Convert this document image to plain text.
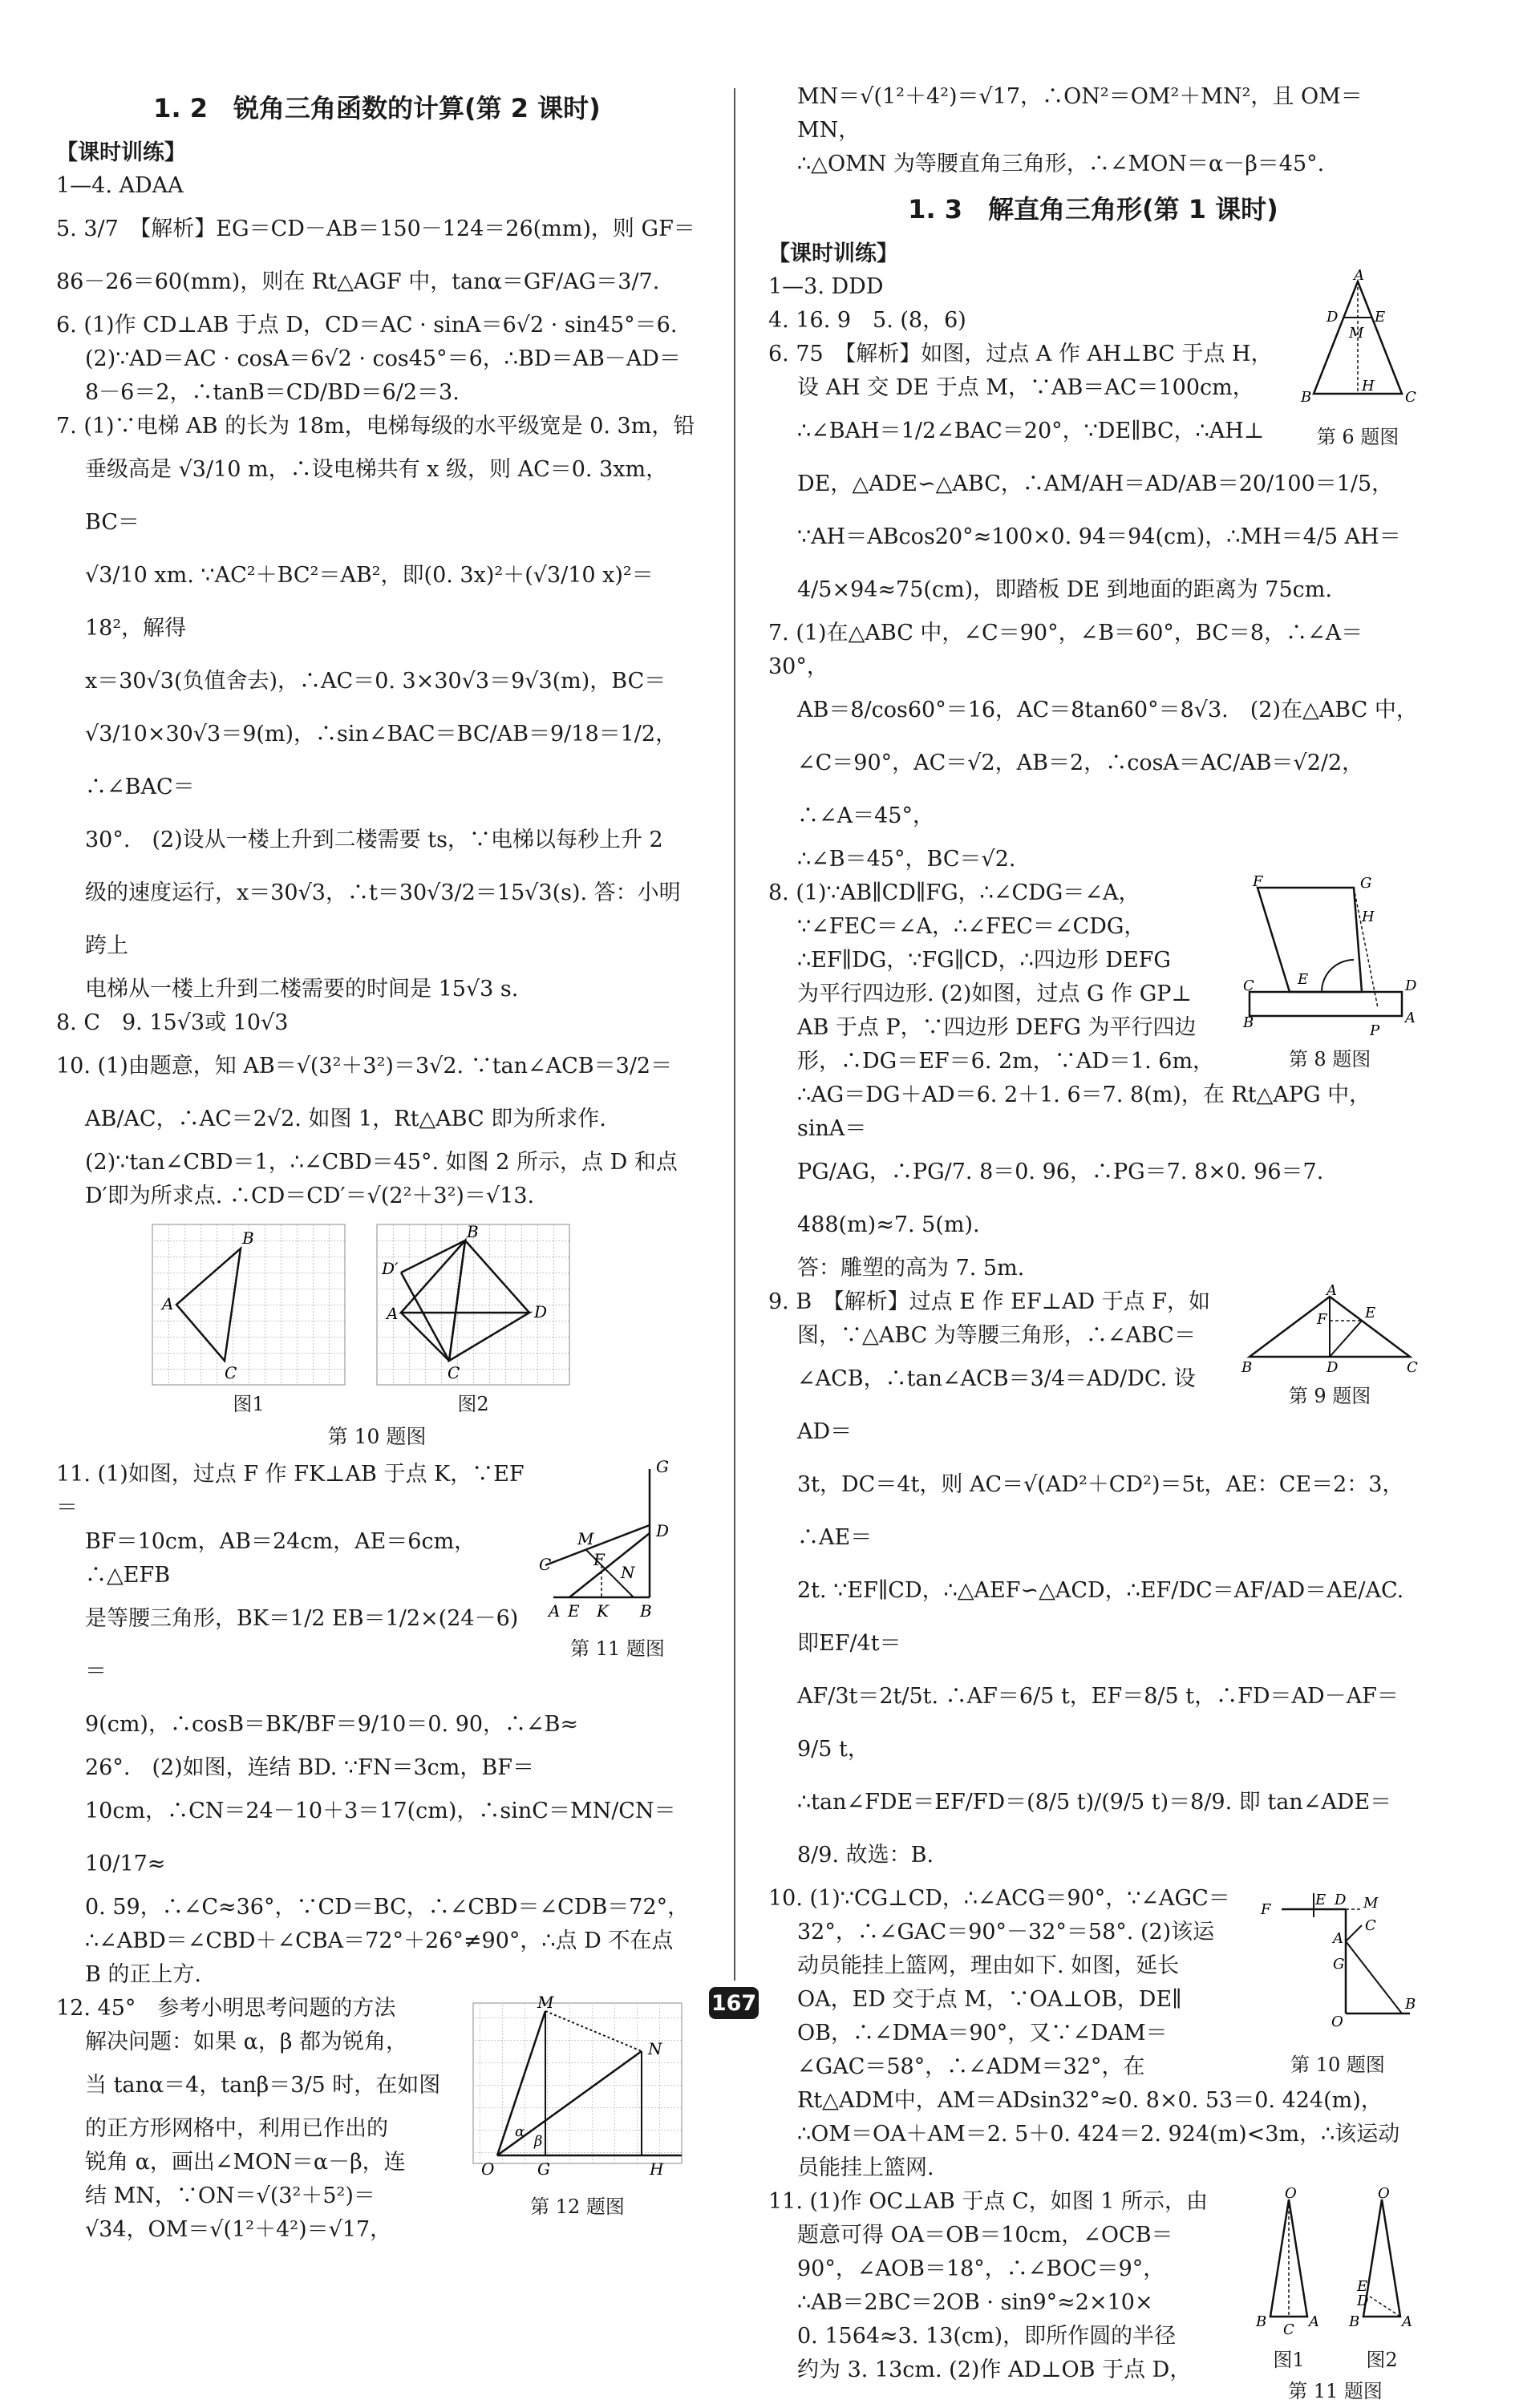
1. 2　锐角三角函数的计算(第 2 课时)
【课时训练】
1—4. ADAA
5. 3/7　【解析】EG＝CD－AB＝150－124＝26(mm)，则 GF＝
86－26＝60(mm)，则在 Rt△AGF 中，tanα＝GF/AG＝3/7.
6. (1)作 CD⊥AB 于点 D，CD＝AC · sinA＝6√2 · sin45°＝6.
(2)∵AD＝AC · cosA＝6√2 · cos45°＝6，∴BD＝AB－AD＝
8－6＝2，∴tanB＝CD/BD＝6/2＝3.
7. (1)∵电梯 AB 的长为 18m，电梯每级的水平级宽是 0. 3m，铅
垂级高是 √3/10 m，∴设电梯共有 x 级，则 AC＝0. 3xm，BC＝
√3/10 xm. ∵AC²＋BC²＝AB²，即(0. 3x)²＋(√3/10 x)²＝18²，解得
x＝30√3(负值舍去)，∴AC＝0. 3×30√3＝9√3(m)，BC＝
√3/10×30√3＝9(m)，∴sin∠BAC＝BC/AB＝9/18＝1/2，∴∠BAC＝
30°.　(2)设从一楼上升到二楼需要 ts，∵电梯以每秒上升 2
级的速度运行，x＝30√3，∴t＝30√3/2＝15√3(s). 答：小明跨上
电梯从一楼上升到二楼需要的时间是 15√3 s.
8. C　9. 15√3或 10√3
10. (1)由题意，知 AB＝√(3²＋3²)＝3√2. ∵tan∠ACB＝3/2＝
AB/AC，∴AC＝2√2. 如图 1，Rt△ABC 即为所求作.
(2)∵tan∠CBD＝1，∴∠CBD＝45°. 如图 2 所示，点 D 和点
D′即为所求点. ∴CD＝CD′＝√(2²＋3²)＝√13.
B
A
C
图1
B
D′
A	D
C
图2
第 10 题图
G
D
M
C	F
N
A E K B
第 11 题图
11. (1)如图，过点 F 作 FK⊥AB 于点 K，∵EF＝
BF＝10cm，AB＝24cm，AE＝6cm，∴△EFB
是等腰三角形，BK＝1/2 EB＝1/2×(24－6)＝
9(cm)，∴cosB＝BK/BF＝9/10＝0. 90，∴∠B≈
26°.　(2)如图，连结 BD. ∵FN＝3cm，BF＝
10cm，∴CN＝24－10＋3＝17(cm)，∴sinC＝MN/CN＝10/17≈
0. 59，∴∠C≈36°，∵CD＝BC，∴∠CBD＝∠CDB＝72°，
∴∠ABD＝∠CBD＋∠CBA＝72°＋26°≠90°，∴点 D 不在点
B 的正上方.
M
N
O	G	H
α
β
第 12 题图
12. 45°　参考小明思考问题的方法
解决问题：如果 α，β 都为锐角，
当 tanα＝4，tanβ＝3/5 时，在如图
的正方形网格中，利用已作出的
锐角 α，画出∠MON＝α－β，连
结 MN，∵ON＝√(3²＋5²)＝
√34，OM＝√(1²＋4²)＝√17，
MN＝√(1²＋4²)＝√17，∴ON²＝OM²＋MN²，且 OM＝MN，
∴△OMN 为等腰直角三角形，∴∠MON＝α－β＝45°.
1. 3　解直角三角形(第 1 课时)
【课时训练】
A
D	E
M
B
H
C
第 6 题图
1—3. DDD
4. 16. 9　5. (8，6)
6. 75　【解析】如图，过点 A 作 AH⊥BC 于点 H，
设 AH 交 DE 于点 M，∵AB＝AC＝100cm，
∴∠BAH＝1/2∠BAC＝20°，∵DE∥BC，∴AH⊥
DE，△ADE∽△ABC，∴AM/AH＝AD/AB＝20/100＝1/5，
∵AH＝ABcos20°≈100×0. 94＝94(cm)，∴MH＝4/5 AH＝
4/5×94≈75(cm)，即踏板 DE 到地面的距离为 75cm.
7. (1)在△ABC 中，∠C＝90°，∠B＝60°，BC＝8，∴∠A＝30°，
AB＝8/cos60°＝16，AC＝8tan60°＝8√3.　(2)在△ABC 中，
∠C＝90°，AC＝√2，AB＝2，∴cosA＝AC/AB＝√2/2，∴∠A＝45°，
∴∠B＝45°，BC＝√2.
F	G
H
C	E	D
B	A
P
第 8 题图
8. (1)∵AB∥CD∥FG，∴∠CDG＝∠A，
∵∠FEC＝∠A，∴∠FEC＝∠CDG，
∴EF∥DG，∵FG∥CD，∴四边形 DEFG
为平行四边形. (2)如图，过点 G 作 GP⊥
AB 于点 P，∵四边形 DEFG 为平行四边
形，∴DG＝EF＝6. 2m，∵AD＝1. 6m，
∴AG＝DG＋AD＝6. 2＋1. 6＝7. 8(m)，在 Rt△APG 中，sinA＝
PG/AG，∴PG/7. 8＝0. 96，∴PG＝7. 8×0. 96＝7. 488(m)≈7. 5(m).
答：雕塑的高为 7. 5m.
A
F	E
B	D	C
第 9 题图
9. B　【解析】过点 E 作 EF⊥AD 于点 F，如
图，∵△ABC 为等腰三角形，∴∠ABC＝
∠ACB，∴tan∠ACB＝3/4＝AD/DC. 设 AD＝
3t，DC＝4t，则 AC＝√(AD²＋CD²)＝5t，AE：CE＝2：3，∴AE＝
2t. ∵EF∥CD，∴△AEF∽△ACD，∴EF/DC＝AF/AD＝AE/AC. 即EF/4t＝
AF/3t＝2t/5t. ∴AF＝6/5 t，EF＝8/5 t，∴FD＝AD－AF＝9/5 t，
∴tan∠FDE＝EF/FD＝(8/5 t)/(9/5 t)＝8/9. 即 tan∠ADE＝8/9. 故选：B.
F
E D M
A
C
G
O
B
第 10 题图
10. (1)∵CG⊥CD，∴∠ACG＝90°，∵∠AGC＝
32°，∴∠GAC＝90°－32°＝58°. (2)该运
动员能挂上篮网，理由如下. 如图，延长
OA，ED 交于点 M，∵OA⊥OB，DE∥
OB，∴∠DMA＝90°，又∵∠DAM＝
∠GAC＝58°，∴∠ADM＝32°，在
Rt△ADM中，AM＝ADsin32°≈0. 8×0. 53＝0. 424(m)，
∴OM＝OA＋AM＝2. 5＋0. 424＝2. 924(m)<3m，∴该运动
员能挂上篮网.
O
B C A
图1
O
E
D
B	A
图2
第 11 题图
11. (1)作 OC⊥AB 于点 C，如图 1 所示，由
题意可得 OA＝OB＝10cm，∠OCB＝
90°，∠AOB＝18°，∴∠BOC＝9°，
∴AB＝2BC＝2OB · sin9°≈2×10×
0. 1564≈3. 13(cm)，即所作圆的半径
约为 3. 13cm. (2)作 AD⊥OB 于点 D，
167
